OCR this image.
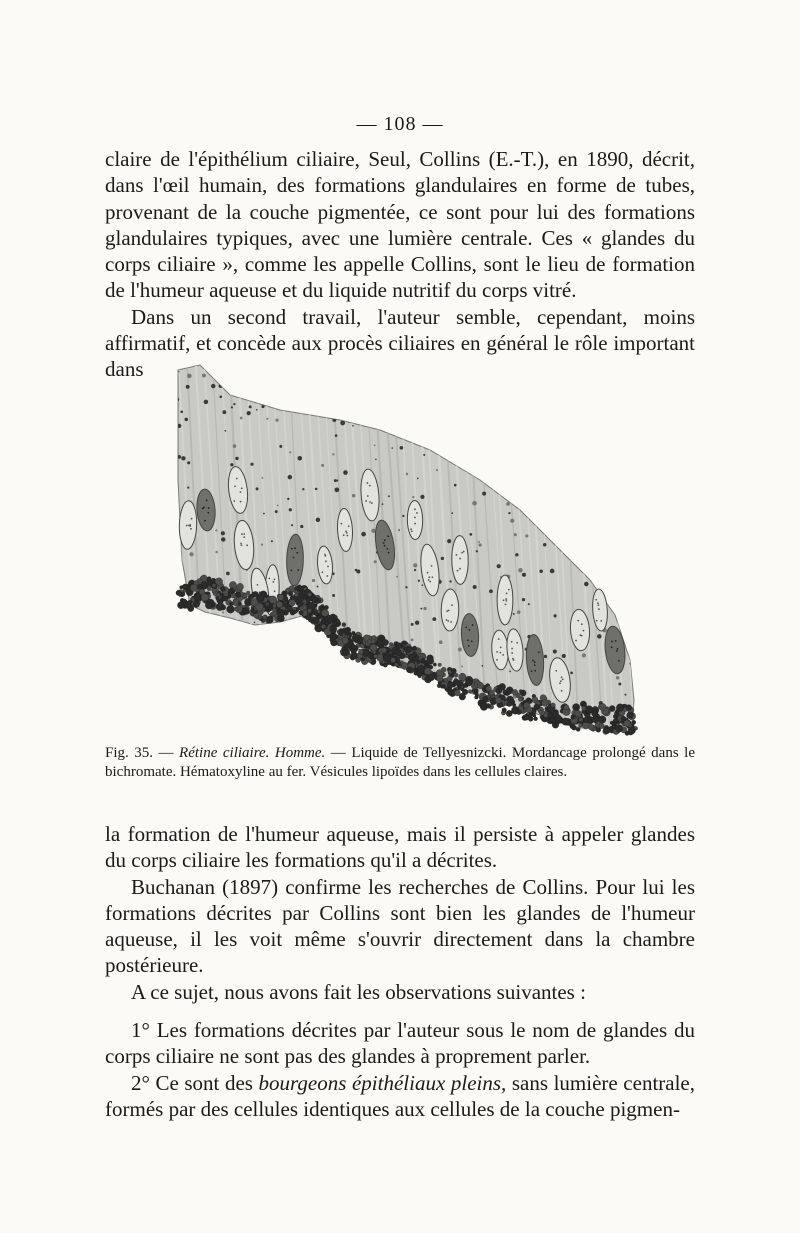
— 108 —

claire de l'épithélium ciliaire, Seul, Collins (E.-T.), en 1890, décrit, dans l'œil humain, des formations glandulaires en forme de tubes, provenant de la couche pigmentée, ce sont pour lui des formations glandulaires typiques, avec une lumière centrale. Ces « glandes du corps ciliaire », comme les appelle Collins, sont le lieu de formation de l'humeur aqueuse et du liquide nutritif du corps vitré.

Dans un second travail, l'auteur semble, cependant, moins affirmatif, et concède aux procès ciliaires en général le rôle important dans

Fig. 35. — Rétine ciliaire. Homme. — Liquide de Tellyesnizcki. Mordancage prolongé dans le bichromate. Hématoxyline au fer. Vésicules lipoïdes dans les cellules claires.

la formation de l'humeur aqueuse, mais il persiste à appeler glandes du corps ciliaire les formations qu'il a décrites.

Buchanan (1897) confirme les recherches de Collins. Pour lui les formations décrites par Collins sont bien les glandes de l'humeur aqueuse, il les voit même s'ouvrir directement dans la chambre postérieure.

A ce sujet, nous avons fait les observations suivantes :

1° Les formations décrites par l'auteur sous le nom de glandes du corps ciliaire ne sont pas des glandes à proprement parler.

2° Ce sont des bourgeons épithéliaux pleins, sans lumière centrale, formés par des cellules identiques aux cellules de la couche pigmen-
